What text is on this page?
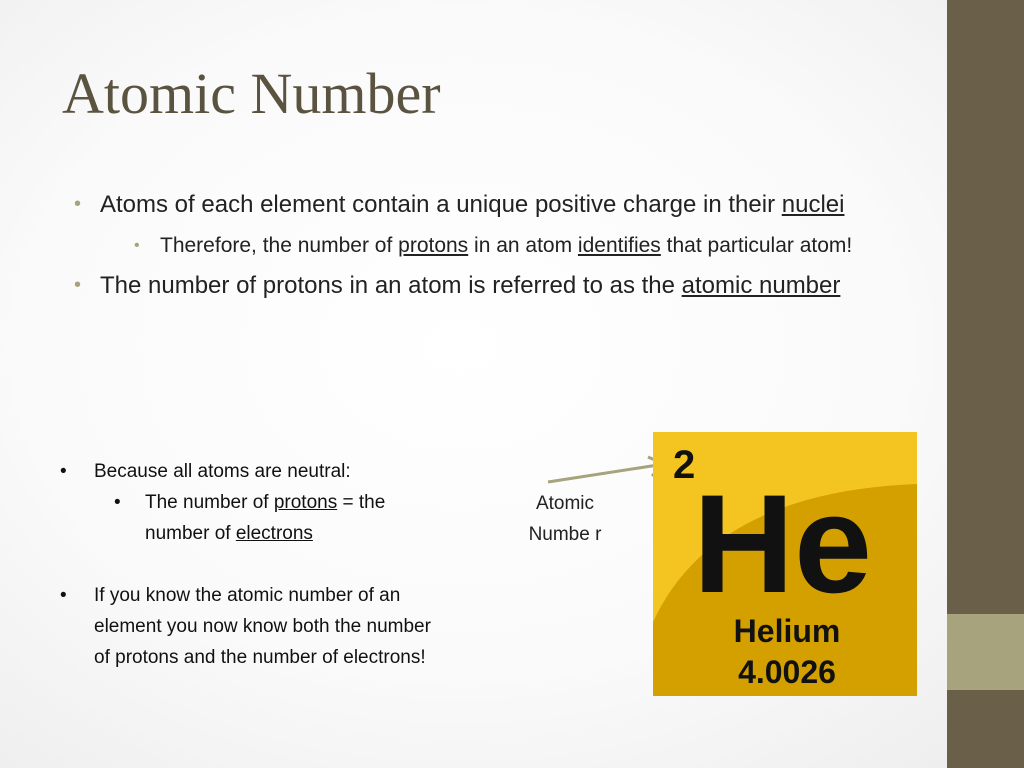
Atomic Number
• Atoms of each element contain a unique positive charge in their nuclei
• Therefore, the number of protons in an atom identifies that particular atom!
• The number of protons in an atom is referred to as the atomic number
• Because all atoms are neutral:
• The number of protons = the number of electrons
• If you know the atomic number of an element you now know both the number of protons and the number of electrons!
Atomic Numbe r
2
He
Helium
4.0026
